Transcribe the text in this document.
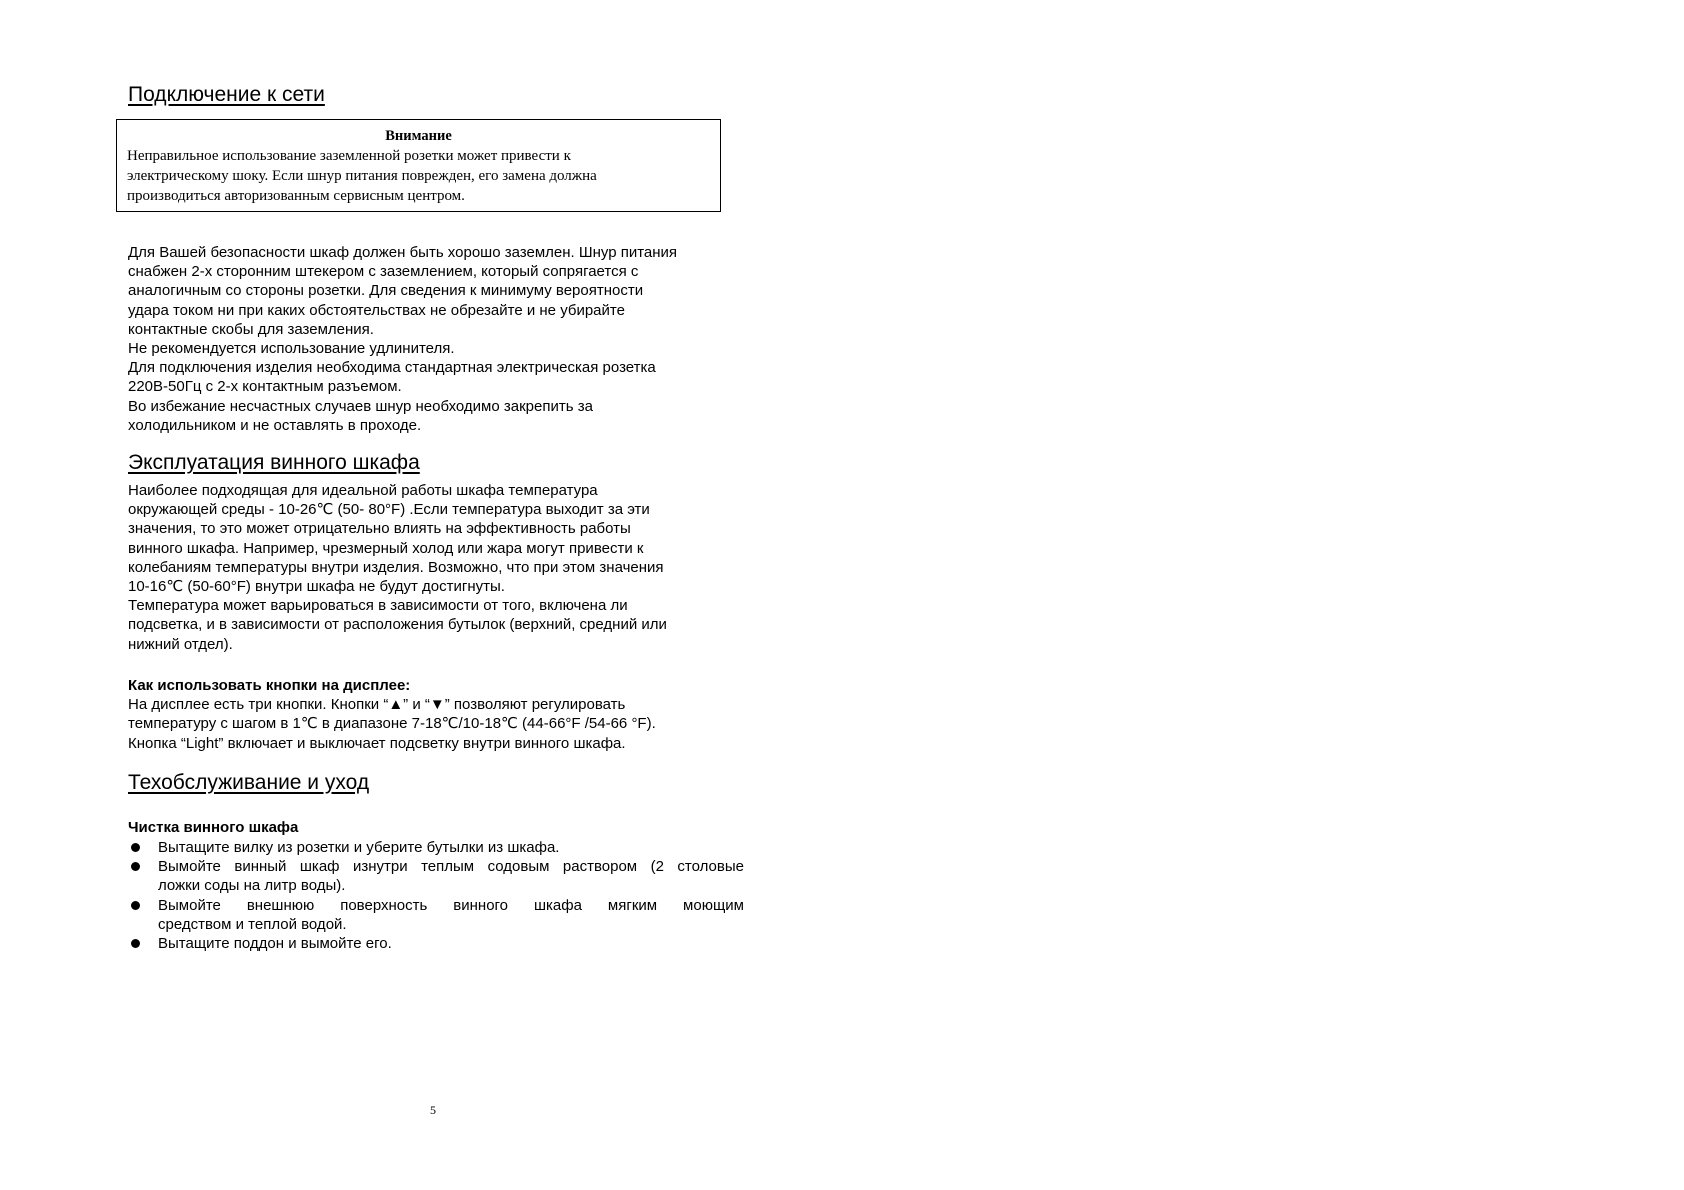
Подключение к сети
Внимание
Неправильное использование заземленной розетки может привести к
электрическому шоку. Если шнур питания поврежден, его замена должна
производиться авторизованным сервисным центром.
Для Вашей безопасности шкаф должен быть хорошо заземлен. Шнур питания
снабжен 2-х сторонним штекером с заземлением, который сопрягается с
аналогичным со стороны розетки. Для сведения к минимуму вероятности
удара током ни при каких обстоятельствах не обрезайте и не убирайте
контактные скобы для заземления.
Не рекомендуется использование удлинителя.
Для подключения изделия необходима стандартная электрическая розетка
220В-50Гц с 2-х контактным разъемом.
Во избежание несчастных случаев шнур необходимо закрепить за
холодильником и не оставлять в проходе.
Эксплуатация винного шкафа
Наиболее подходящая для идеальной работы шкафа температура
окружающей среды - 10-26℃ (50- 80°F) .Если температура выходит за эти
значения, то это может отрицательно влиять на эффективность работы
винного шкафа. Например, чрезмерный холод или жара могут привести к
колебаниям температуры внутри изделия. Возможно, что при этом значения
10-16℃ (50-60°F) внутри шкафа не будут достигнуты.
Температура может варьироваться в зависимости от того, включена ли
подсветка, и в зависимости от расположения бутылок (верхний, средний или
нижний отдел).
Как использовать кнопки на дисплее:
На дисплее есть три кнопки. Кнопки “▲” и “▼” позволяют регулировать
температуру с шагом в 1℃ в диапазоне 7-18℃/10-18℃ (44-66°F /54-66 °F).
Кнопка “Light” включает и выключает подсветку внутри винного шкафа.
Техобслуживание и уход
Чистка винного шкафа
Вытащите вилку из розетки и уберите бутылки из шкафа.
Вымойте винный шкаф изнутри теплым содовым раствором (2 столовые
ложки соды на литр воды).
Вымойте внешнюю поверхность винного шкафа мягким моющим
средством и теплой водой.
Вытащите поддон и вымойте его.
5
